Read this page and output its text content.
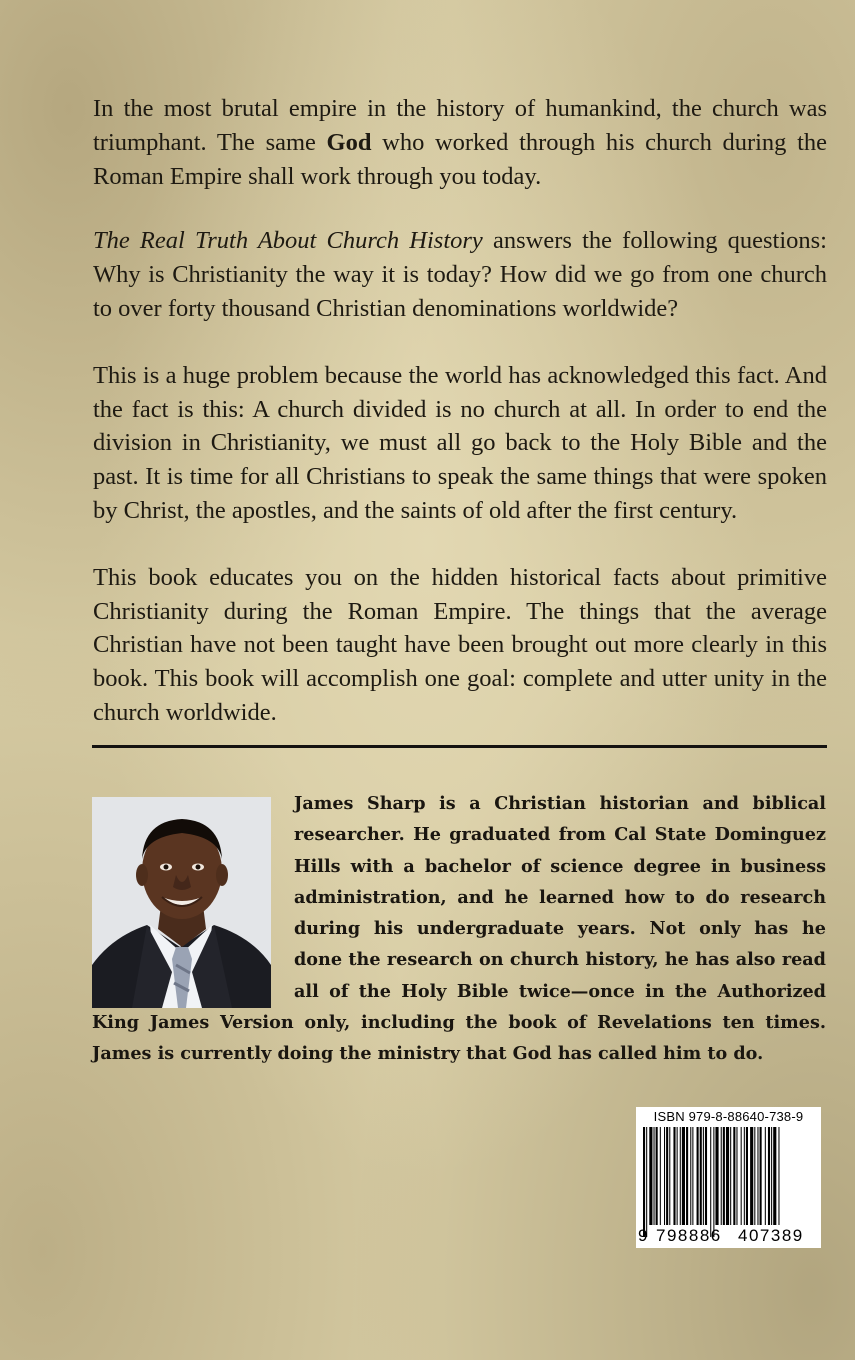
In the most brutal empire in the history of humankind, the church was triumphant. The same God who worked through his church during the Roman Empire shall work through you today.

The Real Truth About Church History answers the following questions: Why is Christianity the way it is today? How did we go from one church to over forty thousand Christian denominations worldwide?

This is a huge problem because the world has acknowledged this fact. And the fact is this: A church divided is no church at all. In order to end the division in Christianity, we must all go back to the Holy Bible and the past. It is time for all Christians to speak the same things that were spoken by Christ, the apostles, and the saints of old after the first century.

This book educates you on the hidden historical facts about primitive Christianity during the Roman Empire. The things that the average Christian have not been taught have been brought out more clearly in this book. This book will accomplish one goal: complete and utter unity in the church worldwide.

James Sharp is a Christian historian and biblical researcher. He graduated from Cal State Dominguez Hills with a bachelor of science degree in business administration, and he learned how to do research during his undergraduate years. Not only has he done the research on church history, he has also read all of the Holy Bible twice—once in the Authorized King James Version only, including the book of Revelations ten times. James is currently doing the ministry that God has called him to do.
ISBN 979-8-88640-738-9
9 798886 407389
